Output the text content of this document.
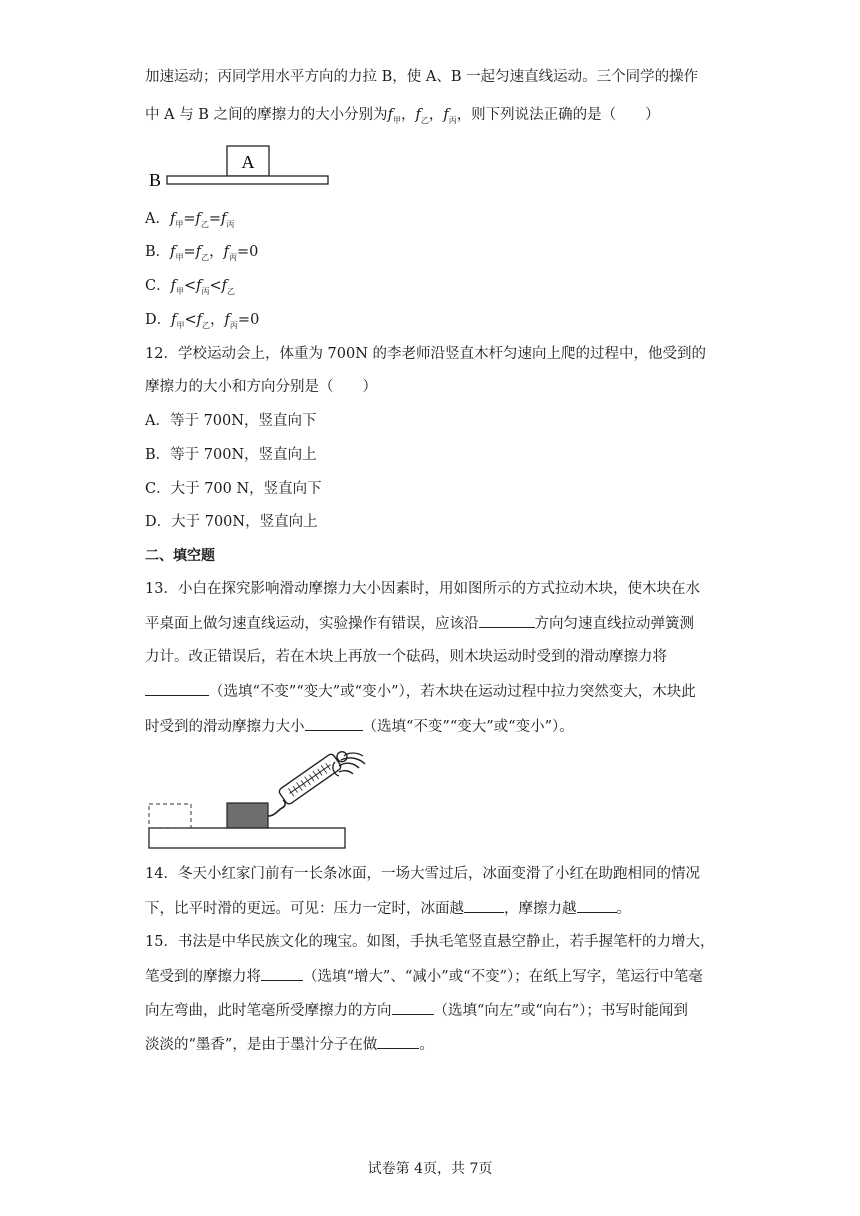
加速运动；丙同学用水平方向的力拉 B，使 A、B 一起匀速直线运动。三个同学的操作
中 A 与 B 之间的摩擦力的大小分别为$f_甲$，$f_乙$，$f_丙$，则下列说法正确的是（　　）
A
B
A．$f_甲=f_乙=f_丙$
B．$f_甲=f_乙$，$f_丙=0$
C．$f_甲<f_丙<f_乙$
D．$f_甲<f_乙$，$f_丙=0$
12．学校运动会上，体重为 700N 的李老师沿竖直木杆匀速向上爬的过程中，他受到的
摩擦力的大小和方向分别是（　　）
A．等于 700N，竖直向下
B．等于 700N，竖直向上
C．大于 700 N，竖直向下
D．大于 700N，竖直向上
二、填空题
13．小白在探究影响滑动摩擦力大小因素时，用如图所示的方式拉动木块，使木块在水
平桌面上做匀速直线运动，实验操作有错误，应该沿	方向匀速直线拉动弹簧测
力计。改正错误后，若在木块上再放一个砝码，则木块运动时受到的滑动摩擦力将
（选填“不变”“变大”或“变小”），若木块在运动过程中拉力突然变大，木块此
时受到的滑动摩擦力大小	（选填“不变”“变大”或“变小”）。
14．冬天小红家门前有一长条冰面，一场大雪过后，冰面变滑了小红在助跑相同的情况
下，比平时滑的更远。可见：压力一定时，冰面越	，摩擦力越	。
15．书法是中华民族文化的瑰宝。如图，手执毛笔竖直悬空静止，若手握笔杆的力增大，
笔受到的摩擦力将	（选填“增大”、“减小”或“不变”）；在纸上写字，笔运行中笔毫
向左弯曲，此时笔毫所受摩擦力的方向	（选填“向左”或“向右”）；书写时能闻到
淡淡的“墨香”，是由于墨汁分子在做	。
试卷第 4页，共 7页
